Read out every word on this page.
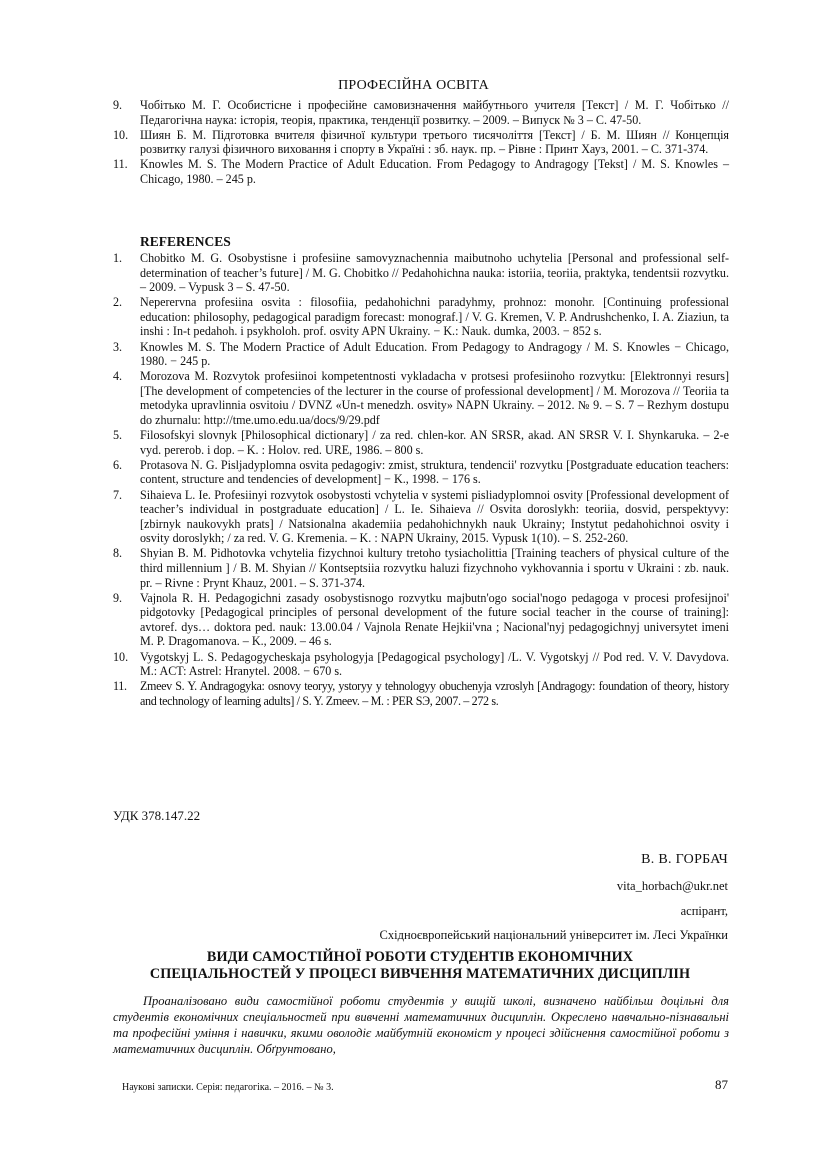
ПРОФЕСІЙНА ОСВІТА
9. Чобітько М. Г. Особистісне і професійне самовизначення майбутнього учителя [Текст] / М. Г. Чобітько // Педагогічна наука: історія, теорія, практика, тенденції розвитку. – 2009. – Випуск № 3 – С. 47-50.
10. Шиян Б. М. Підготовка вчителя фізичної культури третього тисячоліття [Текст] / Б. М. Шиян // Концепція розвитку галузі фізичного виховання і спорту в Україні : зб. наук. пр. – Рівне : Принт Хауз, 2001. – С. 371-374.
11. Knowles M. S. The Modern Practice of Adult Education. From Pedagogy to Andragogy [Tekst] / M. S. Knowles – Chicago, 1980. – 245 p.
REFERENCES
1. Chobitko M. G. Osobystisne i profesiine samovyznachennia maibutnoho uchytelia [Personal and professional self-determination of teacher’s future] / M. G. Chobitko // Pedahohichna nauka: istoriia, teoriia, praktyka, tendentsii rozvytku. – 2009. – Vypusk 3 – S. 47-50.
2. Neperervna profesiina osvita : filosofiia, pedahohichni paradyhmy, prohnoz: monohr. [Continuing professional education: philosophy, pedagogical paradigm forecast: monograf.] / V. G. Kremen, V. P. Andrushchenko, I. A. Ziaziun, ta inshi : In-t pedahoh. i psykholoh. prof. osvity APN Ukrainy. − K.: Nauk. dumka, 2003. − 852 s.
3. Knowles M. S. The Modern Practice of Adult Education. From Pedagogy to Andragogy / M. S. Knowles − Chicago, 1980. − 245 p.
4. Morozova M. Rozvytok profesiinoi kompetentnosti vykladacha v protsesi profesiinoho rozvytku: [Elektronnyi resurs] [The development of competencies of the lecturer in the course of professional development] / M. Morozova // Teoriia ta metodyka upravlinnia osvitoiu / DVNZ «Un-t menedzh. osvity» NAPN Ukrainy. – 2012. № 9. – S. 7 – Rezhym dostupu do zhurnalu: http://tme.umo.edu.ua/docs/9/29.pdf
5. Filosofskyi slovnyk [Philosophical dictionary] / za red. chlen-kor. AN SRSR, akad. AN SRSR V. I. Shynkaruka. – 2-e vyd. pererob. i dop. – K. : Holov. red. URE, 1986. – 800 s.
6. Protasova N. G. Pisljadyplomna osvita pedagogiv: zmist, struktura, tendencii' rozvytku [Postgraduate education teachers: content, structure and tendencies of development] − K., 1998. − 176 s.
7. Sihaieva L. Ie. Profesiinyi rozvytok osobystosti vchytelia v systemi pisliadyplomnoi osvity [Professional development of teacher’s individual in postgraduate education] / L. Ie. Sihaieva // Osvita doroslykh: teoriia, dosvid, perspektyvy: [zbirnyk naukovykh prats] / Natsionalna akademiia pedahohichnykh nauk Ukrainy; Instytut pedahohichnoi osvity i osvity doroslykh; / za red. V. G. Kremenia. – K. : NAPN Ukrainy, 2015. Vypusk 1(10). – S. 252-260.
8. Shyian B. M. Pidhotovka vchytelia fizychnoi kultury tretoho tysiacholittia [Training teachers of physical culture of the third millennium ] / B. M. Shyian // Kontseptsiia rozvytku haluzi fizychnoho vykhovannia i sportu v Ukraini : zb. nauk. pr. – Rivne : Prynt Khauz, 2001. – S. 371-374.
9. Vajnola R. H. Pedagogichni zasady osobystisnogo rozvytku majbutn'ogo social'nogo pedagoga v procesi profesijnoi' pidgotovky [Pedagogical principles of personal development of the future social teacher in the course of training]: avtoref. dys… doktora ped. nauk: 13.00.04 / Vajnola Renate Hejkii'vna ; Nacional'nyj pedagogichnyj universytet imeni M. P. Dragomanova. – K., 2009. – 46 s.
10. Vygotskyj L. S. Pedagogycheskaja psyhologyja [Pedagogical psychology] /L. V. Vygotskyj // Pod red. V. V. Davydova. M.: ACT: Astrel: Hranytel. 2008. − 670 s.
11. Zmeev S. Y. Andragogyka: osnovy teoryy, ystoryy y tehnologyy obuchenyja vzroslyh [Andragogy: foundation of theory, history and technology of learning adults] / S. Y. Zmeev. – M. : PER SЭ, 2007. – 272 s.
УДК 378.147.22
В. В. ГОРБАЧ
vita_horbach@ukr.net
аспірант,
Східноєвропейський національний університет ім. Лесі Українки
ВИДИ САМОСТІЙНОЇ РОБОТИ СТУДЕНТІВ ЕКОНОМІЧНИХ
СПЕЦІАЛЬНОСТЕЙ У ПРОЦЕСІ ВИВЧЕННЯ МАТЕМАТИЧНИХ ДИСЦИПЛІН

Проаналізовано види самостійної роботи студентів у вищій школі, визначено найбільш доцільні для студентів економічних спеціальностей при вивченні математичних дисциплін. Окреслено навчально-пізнавальні та професійні уміння і навички, якими оволодіє майбутній економіст у процесі здійснення самостійної роботи з математичних дисциплін. Обґрунтовано,

Наукові записки. Серія: педагогіка. – 2016. – № 3.	87
